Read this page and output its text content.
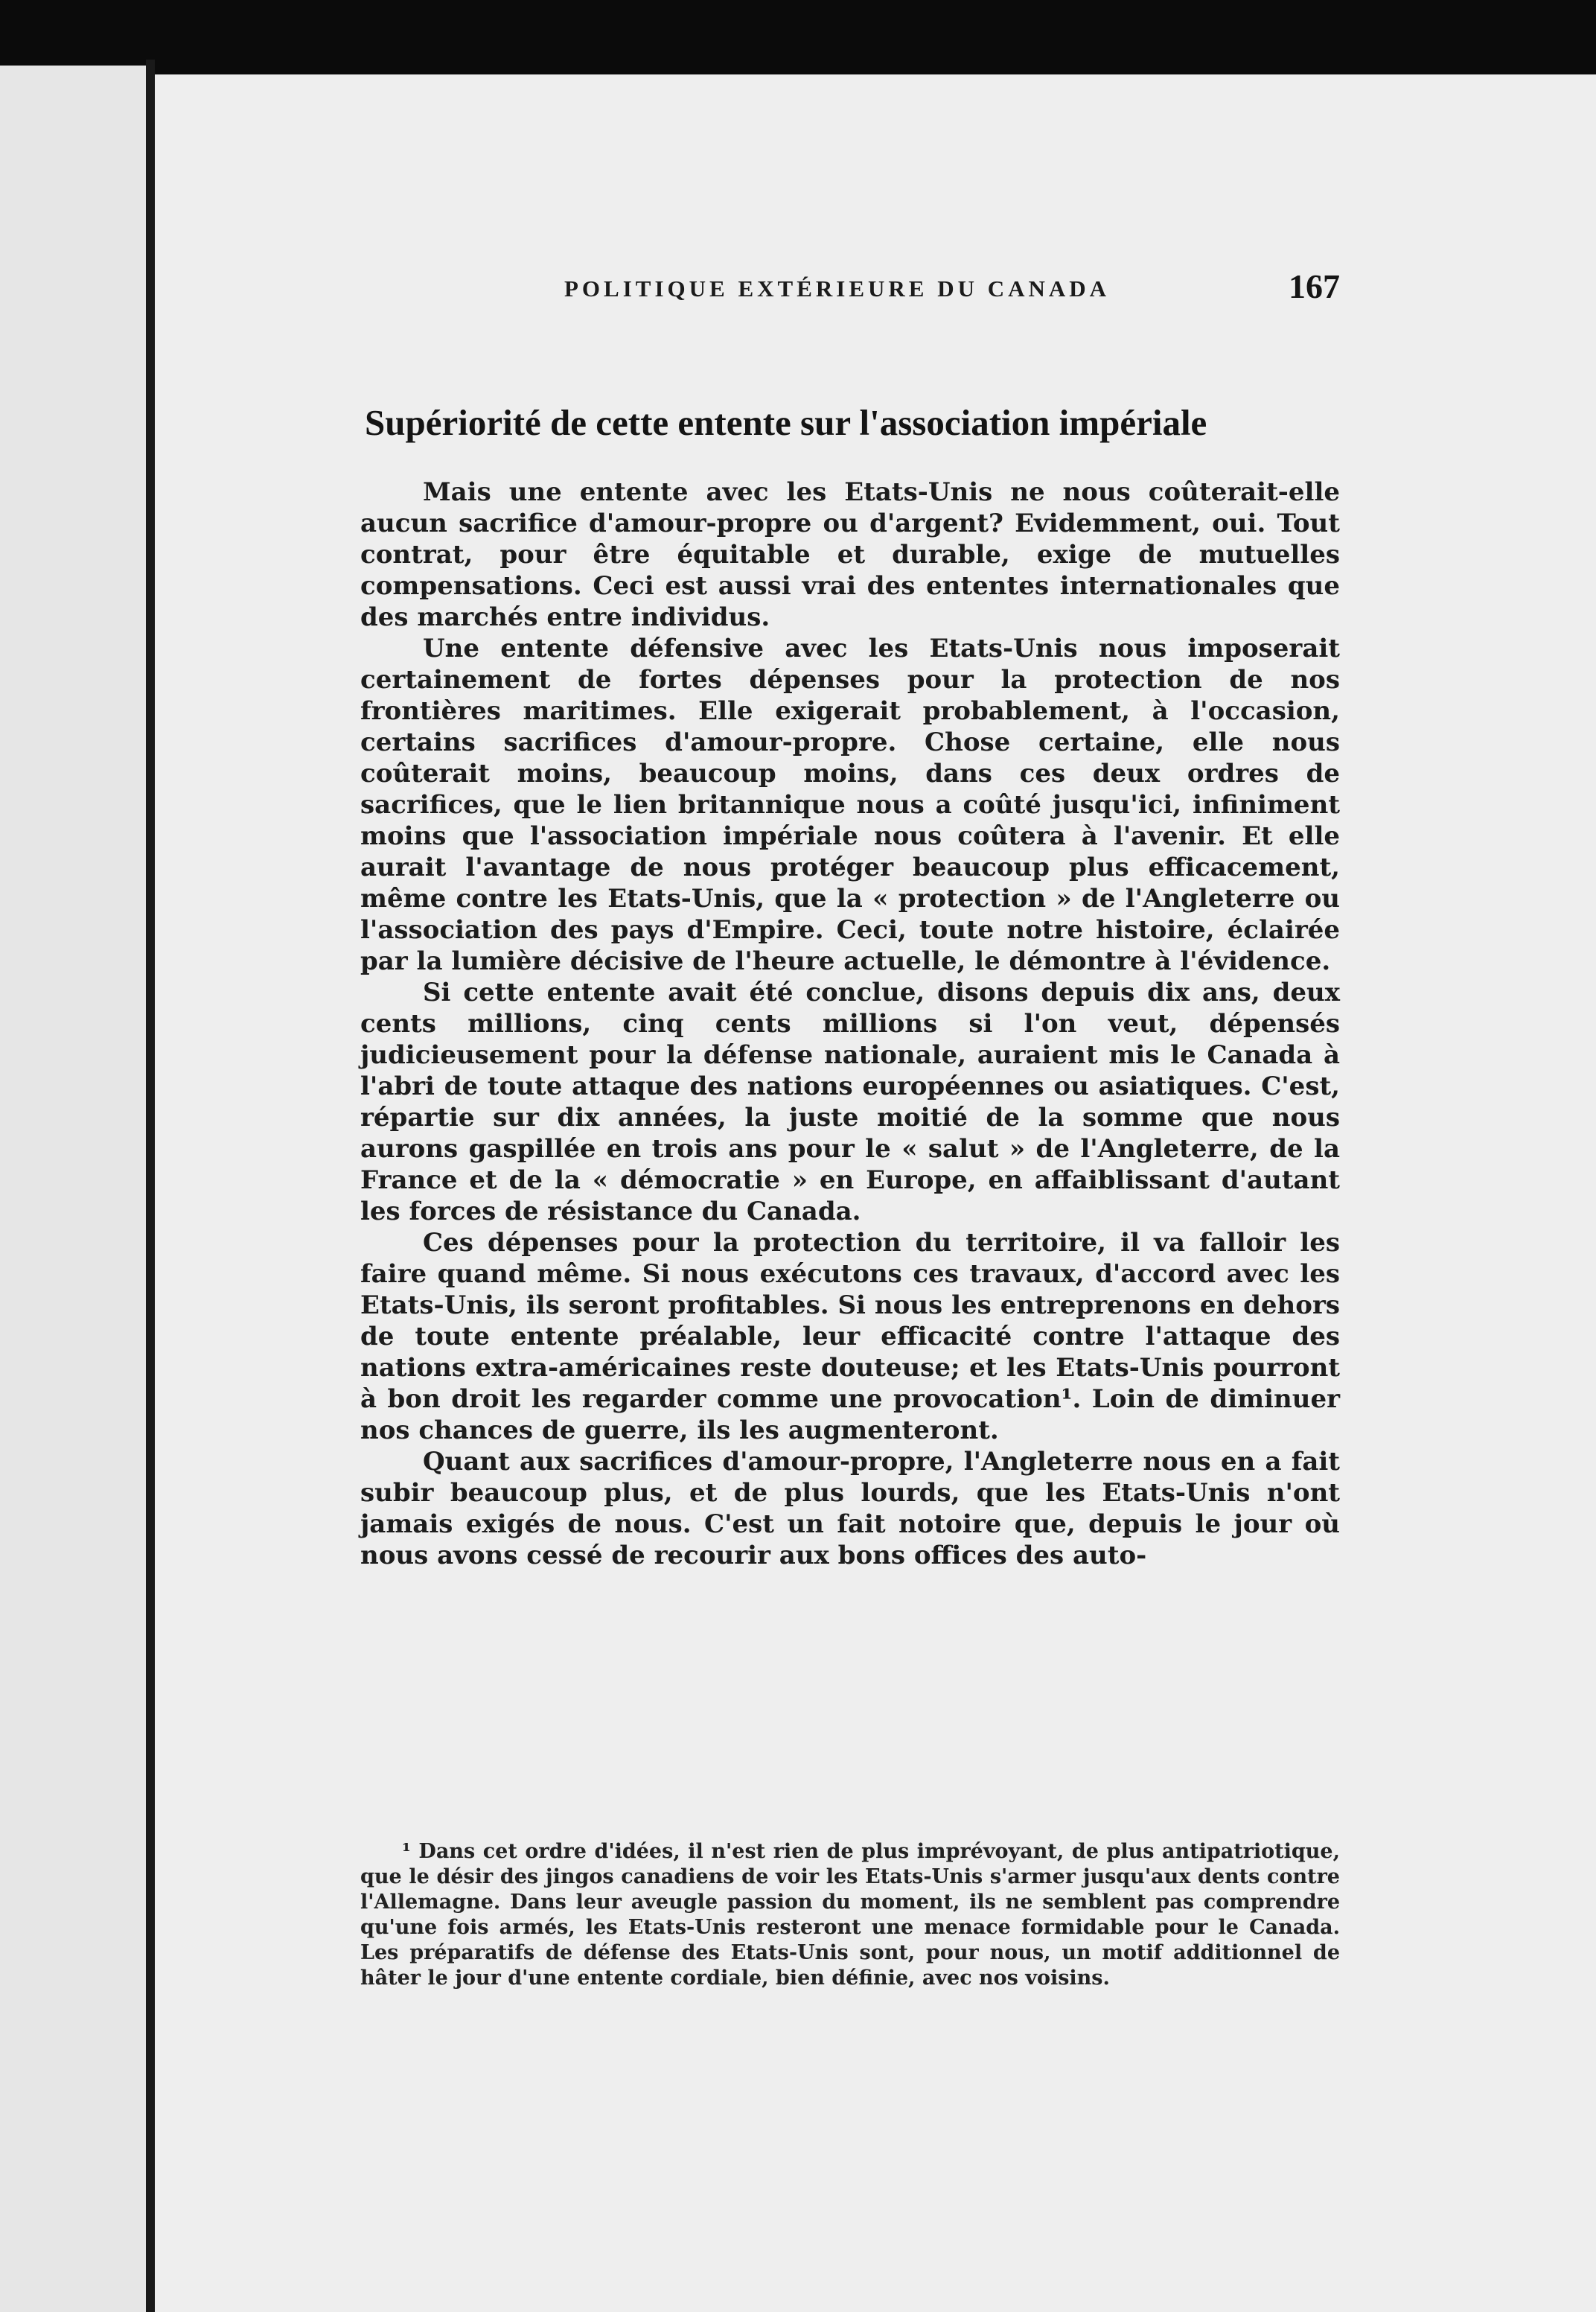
POLITIQUE EXTÉRIEURE DU CANADA	167
Supériorité de cette entente sur l'association impériale

Mais une entente avec les Etats-Unis ne nous coûterait-elle aucun sacrifice d'amour-propre ou d'argent? Evidemment, oui. Tout contrat, pour être équitable et durable, exige de mutuelles compensations. Ceci est aussi vrai des ententes internationales que des marchés entre individus.

Une entente défensive avec les Etats-Unis nous imposerait certainement de fortes dépenses pour la protection de nos frontières maritimes. Elle exigerait probablement, à l'occasion, certains sacrifices d'amour-propre. Chose certaine, elle nous coûterait moins, beaucoup moins, dans ces deux ordres de sacrifices, que le lien britannique nous a coûté jusqu'ici, infiniment moins que l'association impériale nous coûtera à l'avenir. Et elle aurait l'avantage de nous protéger beaucoup plus efficacement, même contre les Etats-Unis, que la « protection » de l'Angleterre ou l'association des pays d'Empire. Ceci, toute notre histoire, éclairée par la lumière décisive de l'heure actuelle, le démontre à l'évidence.

Si cette entente avait été conclue, disons depuis dix ans, deux cents millions, cinq cents millions si l'on veut, dépensés judicieusement pour la défense nationale, auraient mis le Canada à l'abri de toute attaque des nations européennes ou asiatiques. C'est, répartie sur dix années, la juste moitié de la somme que nous aurons gaspillée en trois ans pour le « salut » de l'Angleterre, de la France et de la « démocratie » en Europe, en affaiblissant d'autant les forces de résistance du Canada.

Ces dépenses pour la protection du territoire, il va falloir les faire quand même. Si nous exécutons ces travaux, d'accord avec les Etats-Unis, ils seront profitables. Si nous les entreprenons en dehors de toute entente préalable, leur efficacité contre l'attaque des nations extra-américaines reste douteuse; et les Etats-Unis pourront à bon droit les regarder comme une provocation¹. Loin de diminuer nos chances de guerre, ils les augmenteront.

Quant aux sacrifices d'amour-propre, l'Angleterre nous en a fait subir beaucoup plus, et de plus lourds, que les Etats-Unis n'ont jamais exigés de nous. C'est un fait notoire que, depuis le jour où nous avons cessé de recourir aux bons offices des auto-

¹ Dans cet ordre d'idées, il n'est rien de plus imprévoyant, de plus antipatriotique, que le désir des jingos canadiens de voir les Etats-Unis s'armer jusqu'aux dents contre l'Allemagne. Dans leur aveugle passion du moment, ils ne semblent pas comprendre qu'une fois armés, les Etats-Unis resteront une menace formidable pour le Canada. Les préparatifs de défense des Etats-Unis sont, pour nous, un motif additionnel de hâter le jour d'une entente cordiale, bien définie, avec nos voisins.
